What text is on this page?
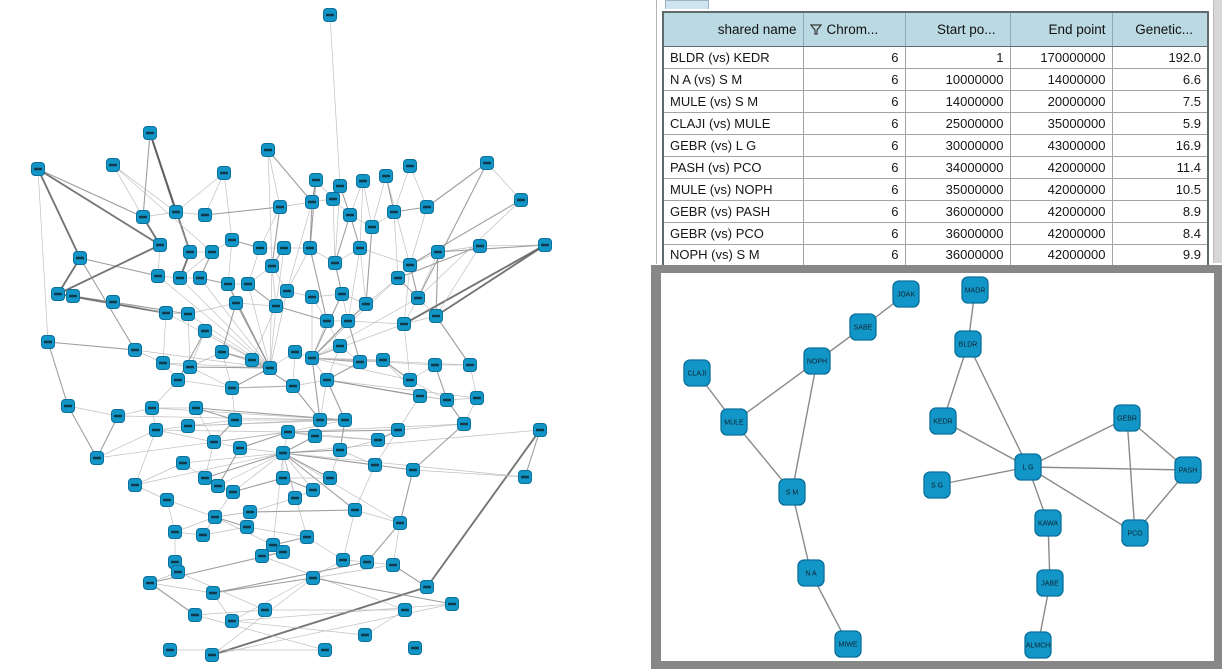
shared name	Chrom...	Start po...	End point	Genetic...
BLDR (vs) KEDR	6	1	170000000	192.0
N A (vs) S M	6	10000000	14000000	6.6
MULE (vs) S M	6	14000000	20000000	7.5
CLAJI (vs) MULE	6	25000000	35000000	5.9
GEBR (vs) L G	6	30000000	43000000	16.9
PASH (vs) PCO	6	34000000	42000000	11.4
MULE (vs) NOPH	6	35000000	42000000	10.5
GEBR (vs) PASH	6	36000000	42000000	8.9
GEBR (vs) PCO	6	36000000	42000000	8.4
NOPH (vs) S M	6	36000000	42000000	9.9
JOAK
MADR
SABE
BLDR
NOPH
CLAJI
MULE	KEDR	GEBR
L G
S G
PASH
S M
KAWA
PCO
N A
JABE
MIWE	ALMCH
